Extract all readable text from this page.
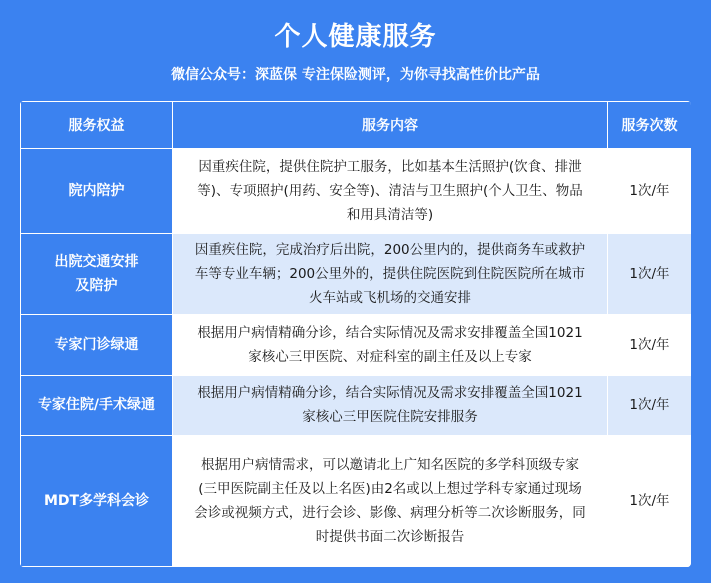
个人健康服务
微信公众号：深蓝保 专注保险测评，为你寻找高性价比产品
服务权益	服务内容	服务次数

院内陪护	因重疾住院，提供住院护工服务，比如基本生活照护(饮食、排泄
等)、专项照护(用药、安全等)、清洁与卫生照护(个人卫生、物品
和用具清洁等)	1次/年

出院交通安排
及陪护	因重疾住院，完成治疗后出院，200公里内的，提供商务车或救护
车等专业车辆；200公里外的，提供住院医院到住院医院所在城市
火车站或飞机场的交通安排	1次/年

专家门诊绿通	根据用户病情精确分诊，结合实际情况及需求安排覆盖全国1021
家核心三甲医院、对症科室的副主任及以上专家	1次/年

专家住院/手术绿通	根据用户病情精确分诊，结合实际情况及需求安排覆盖全国1021
家核心三甲医院住院安排服务	1次/年

MDT多学科会诊	根据用户病情需求，可以邀请北上广知名医院的多学科顶级专家
(三甲医院副主任及以上名医)由2名或以上想过学科专家通过现场
会诊或视频方式，进行会诊、影像、病理分析等二次诊断服务，同
时提供书面二次诊断报告	1次/年
